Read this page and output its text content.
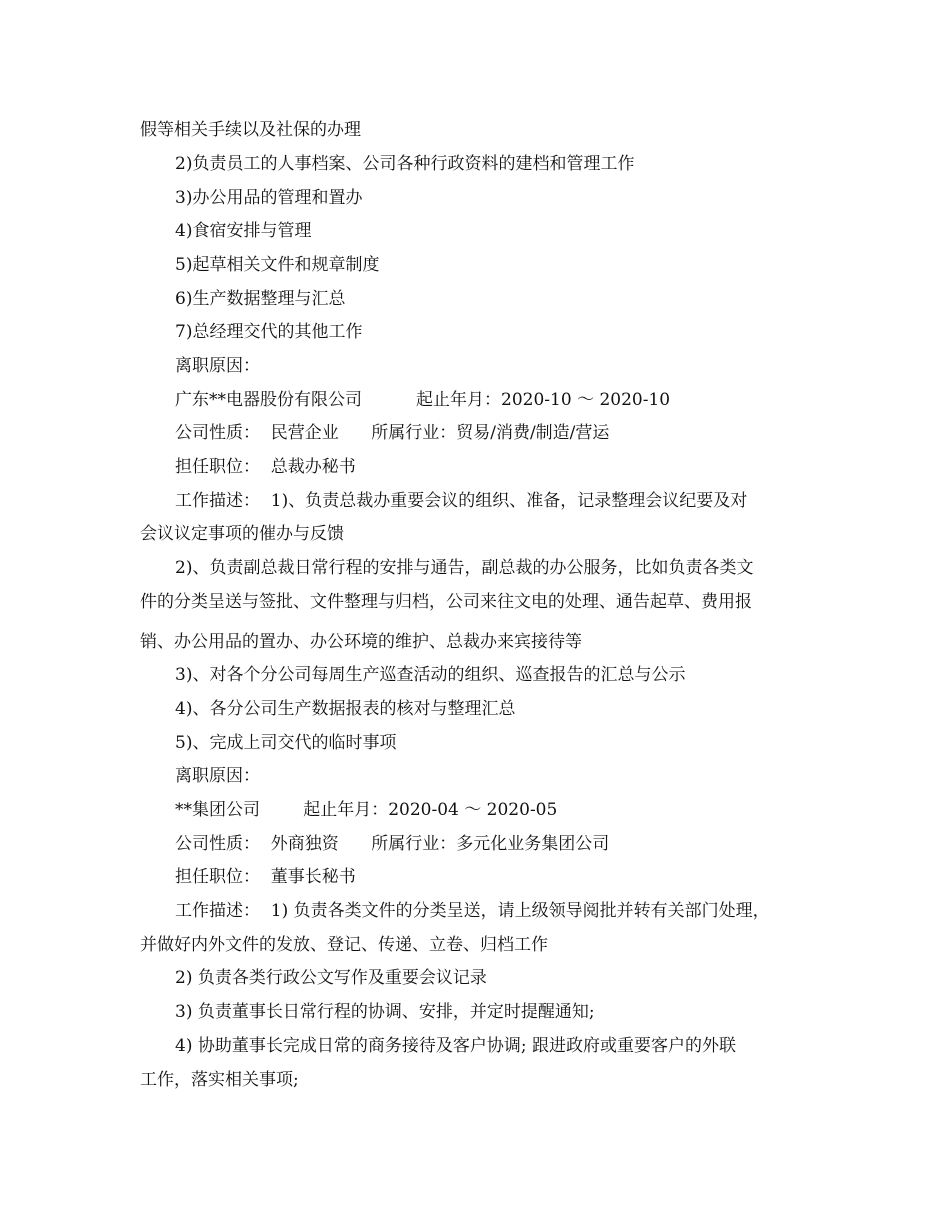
假等相关手续以及社保的办理
2)负责员工的人事档案、公司各种行政资料的建档和管理工作
3)办公用品的管理和置办
4)食宿安排与管理
5)起草相关文件和规章制度
6)生产数据整理与汇总
7)总经理交代的其他工作
离职原因：
广东**电器股份有限公司          起止年月：2020-10 ～ 2020-10
公司性质：  民营企业      所属行业：贸易/消费/制造/营运
担任职位：  总裁办秘书
工作描述：  1)、负责总裁办重要会议的组织、准备，记录整理会议纪要及对
会议议定事项的催办与反馈
2)、负责副总裁日常行程的安排与通告，副总裁的办公服务，比如负责各类文
件的分类呈送与签批、文件整理与归档，公司来往文电的处理、通告起草、费用报
销、办公用品的置办、办公环境的维护、总裁办来宾接待等
3)、对各个分公司每周生产巡查活动的组织、巡查报告的汇总与公示
4)、各分公司生产数据报表的核对与整理汇总
5)、完成上司交代的临时事项
离职原因：
**集团公司        起止年月：2020-04 ～ 2020-05
公司性质：  外商独资      所属行业：多元化业务集团公司
担任职位：  董事长秘书
工作描述：  1) 负责各类文件的分类呈送，请上级领导阅批并转有关部门处理，
并做好内外文件的发放、登记、传递、立卷、归档工作
2) 负责各类行政公文写作及重要会议记录
3) 负责董事长日常行程的协调、安排，并定时提醒通知;
4) 协助董事长完成日常的商务接待及客户协调; 跟进政府或重要客户的外联
工作，落实相关事项;
